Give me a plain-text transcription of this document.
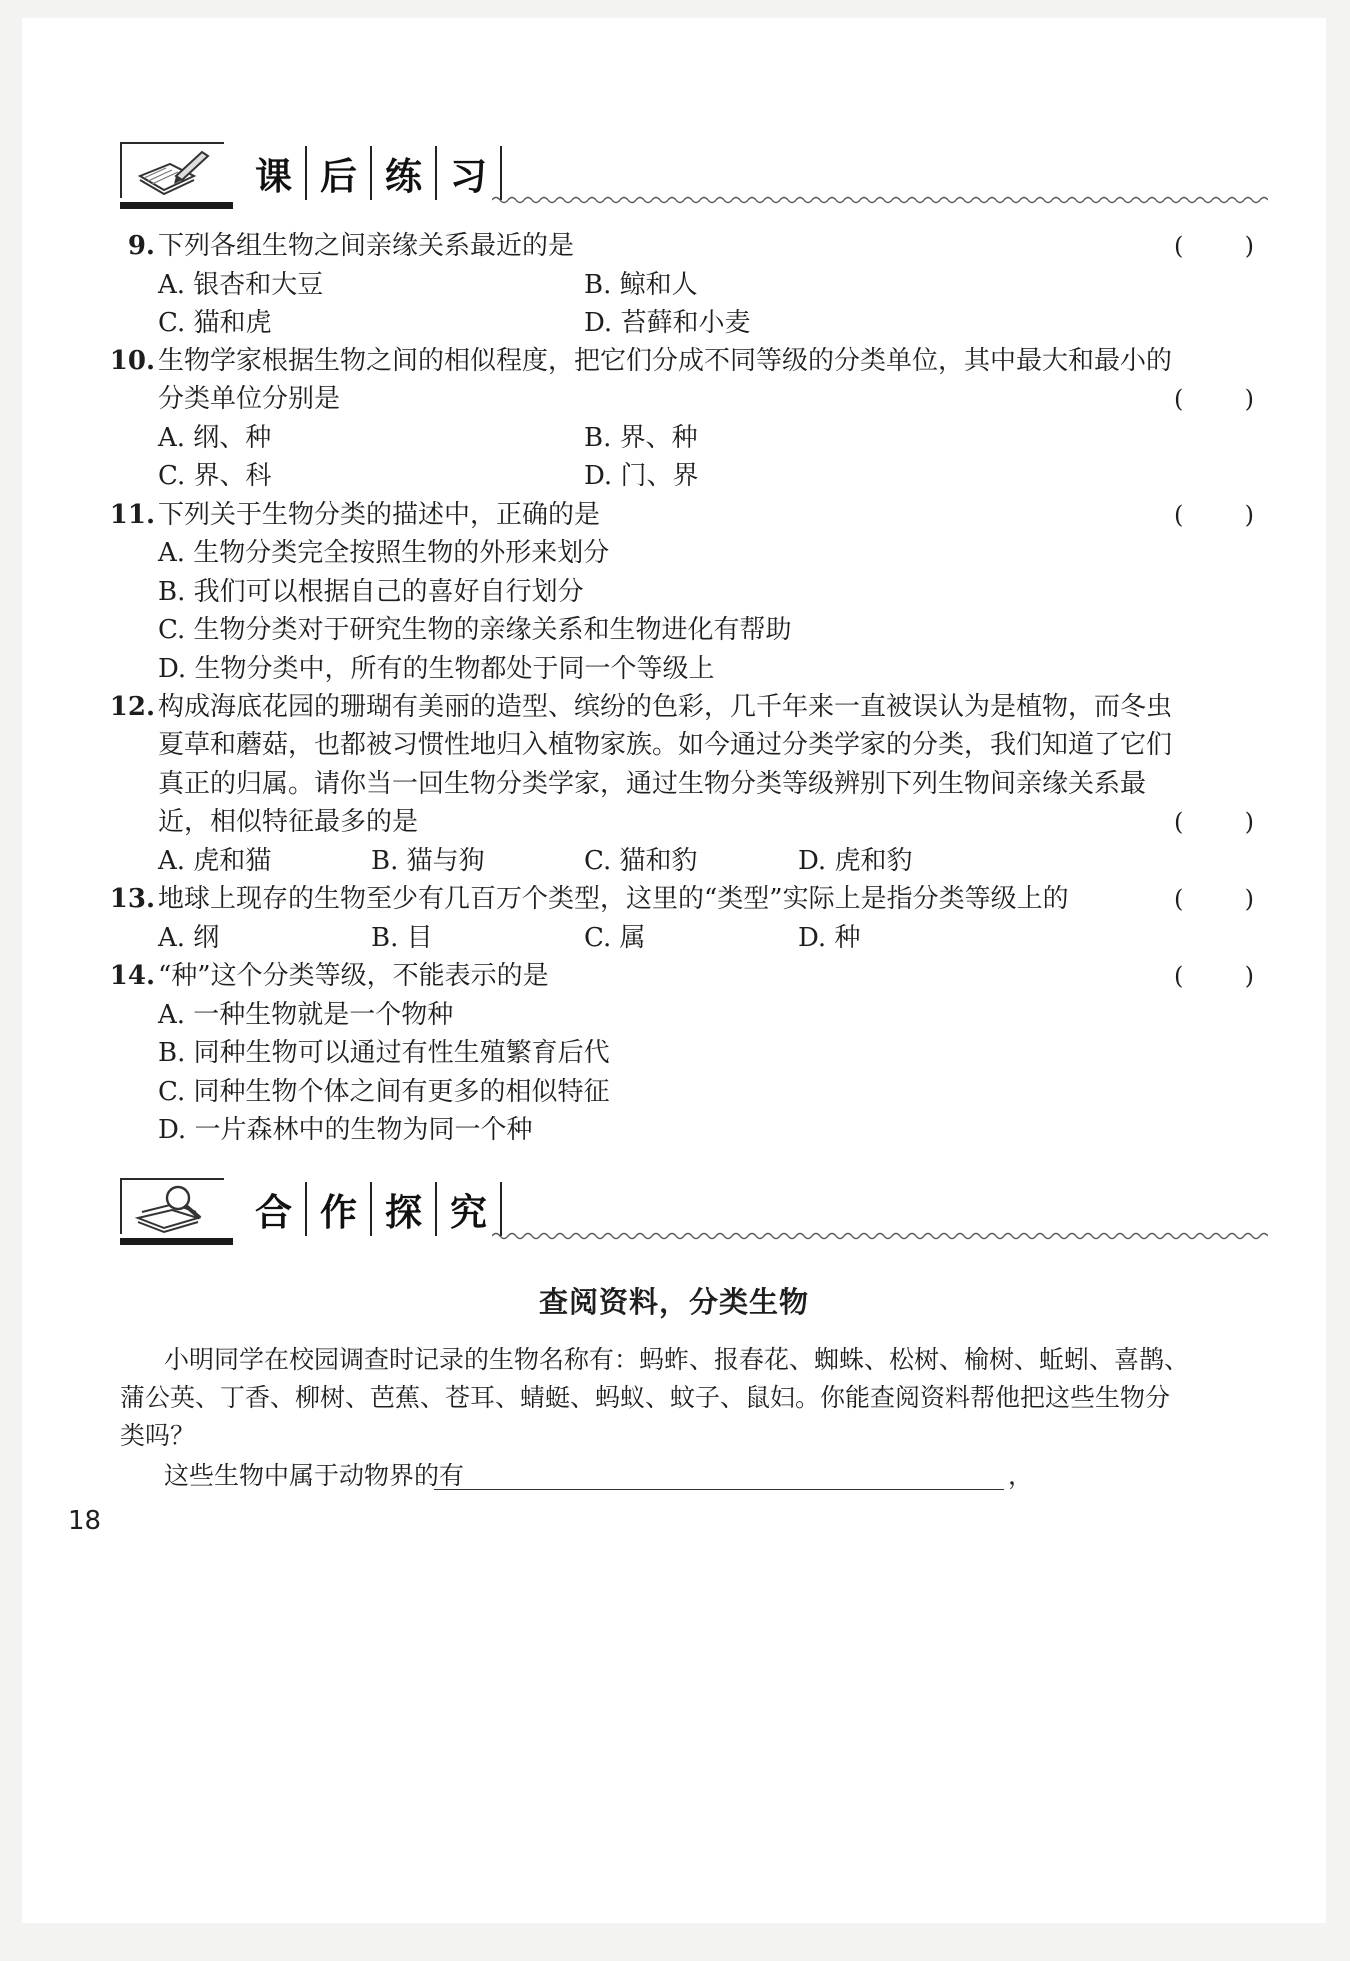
课 后 练 习
9. 下列各组生物之间亲缘关系最近的是
( )
A. 银杏和大豆	B. 鲸和人
C. 猫和虎	D. 苔藓和小麦
10. 生物学家根据生物之间的相似程度，把它们分成不同等级的分类单位，其中最大和最小的
分类单位分别是
( )
A. 纲、种	B. 界、种
C. 界、科	D. 门、界
11. 下列关于生物分类的描述中，正确的是
( )
A. 生物分类完全按照生物的外形来划分
B. 我们可以根据自己的喜好自行划分
C. 生物分类对于研究生物的亲缘关系和生物进化有帮助
D. 生物分类中，所有的生物都处于同一个等级上
12. 构成海底花园的珊瑚有美丽的造型、缤纷的色彩，几千年来一直被误认为是植物，而冬虫
夏草和蘑菇，也都被习惯性地归入植物家族。如今通过分类学家的分类，我们知道了它们
真正的归属。请你当一回生物分类学家，通过生物分类等级辨别下列生物间亲缘关系最
近，相似特征最多的是
( )
A. 虎和猫	B. 猫与狗	C. 猫和豹	D. 虎和豹
13. 地球上现存的生物至少有几百万个类型，这里的“类型”实际上是指分类等级上的
( )
A. 纲	B. 目	C. 属	D. 种
14. “种”这个分类等级，不能表示的是
( )
A. 一种生物就是一个物种
B. 同种生物可以通过有性生殖繁育后代
C. 同种生物个体之间有更多的相似特征
D. 一片森林中的生物为同一个种
合 作 探 究
查阅资料，分类生物
小明同学在校园调查时记录的生物名称有：蚂蚱、报春花、蜘蛛、松树、榆树、蚯蚓、喜鹊、
蒲公英、丁香、柳树、芭蕉、苍耳、蜻蜓、蚂蚁、蚊子、鼠妇。你能查阅资料帮他把这些生物分
类吗？
这些生物中属于动物界的有	，
18
